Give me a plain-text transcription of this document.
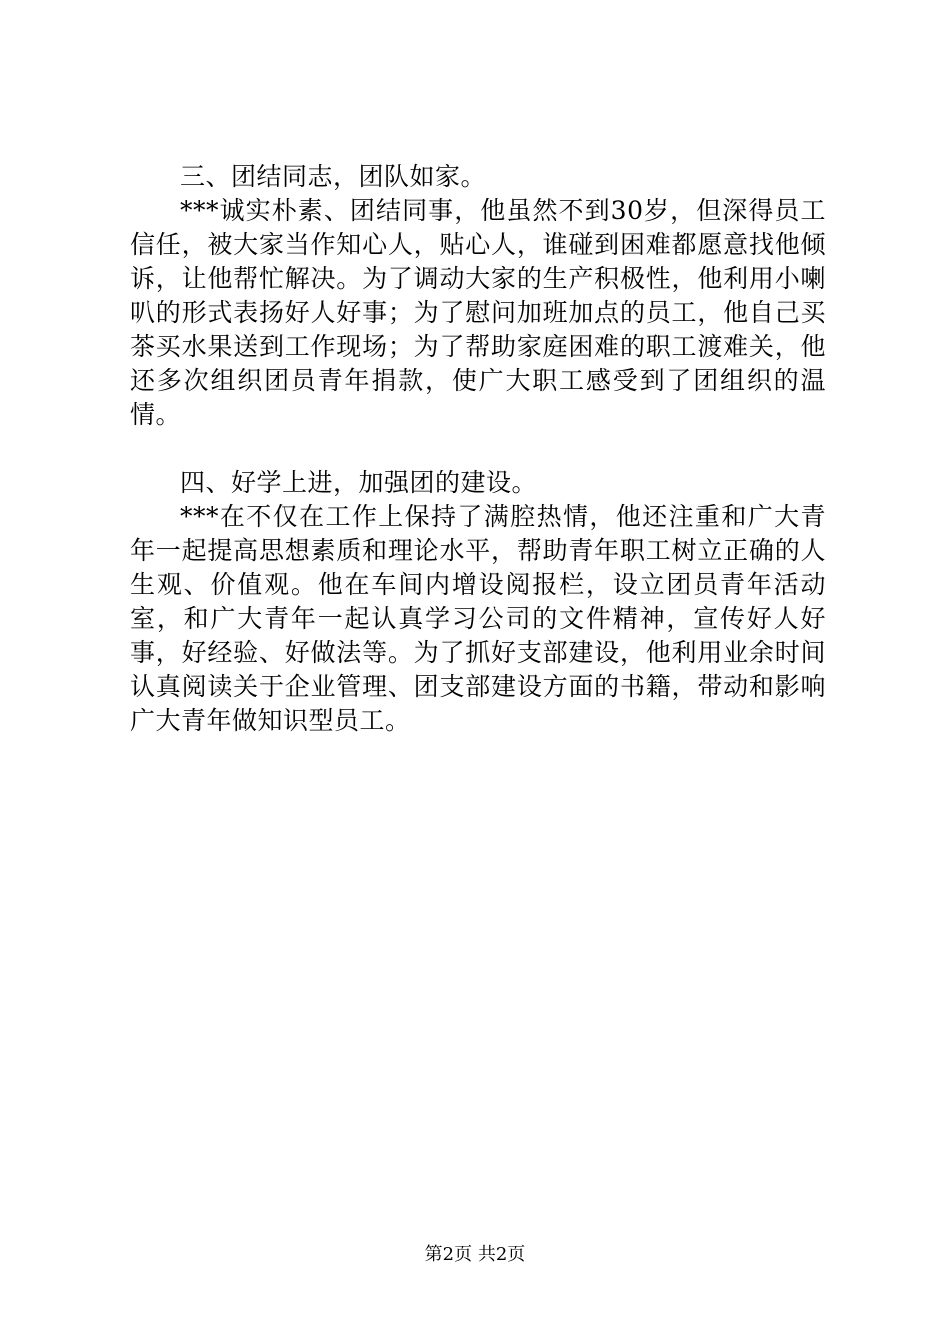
三、团结同志，团队如家。

***诚实朴素、团结同事，他虽然不到30岁，但深得员工信任，被大家当作知心人，贴心人，谁碰到困难都愿意找他倾诉，让他帮忙解决。为了调动大家的生产积极性，他利用小喇叭的形式表扬好人好事；为了慰问加班加点的员工，他自己买茶买水果送到工作现场；为了帮助家庭困难的职工渡难关，他还多次组织团员青年捐款，使广大职工感受到了团组织的温情。

四、好学上进，加强团的建设。

***在不仅在工作上保持了满腔热情，他还注重和广大青年一起提高思想素质和理论水平，帮助青年职工树立正确的人生观、价值观。他在车间内增设阅报栏，设立团员青年活动室，和广大青年一起认真学习公司的文件精神，宣传好人好事，好经验、好做法等。为了抓好支部建设，他利用业余时间认真阅读关于企业管理、团支部建设方面的书籍，带动和影响广大青年做知识型员工。

第2页 共2页
